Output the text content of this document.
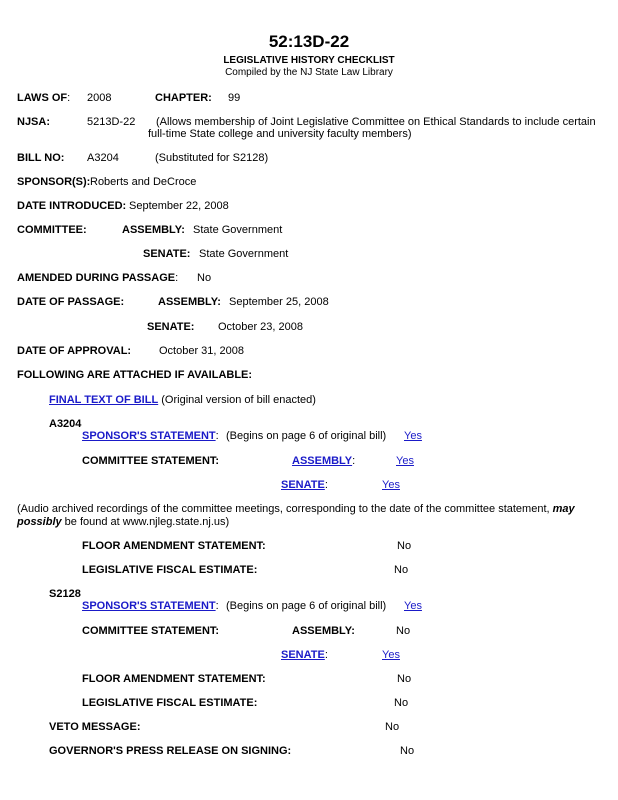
52:13D-22
LEGISLATIVE HISTORY CHECKLIST
Compiled by the NJ State Law Library
LAWS OF: 2008	CHAPTER: 99
NJSA:	5213D-22 (Allows membership of Joint Legislative Committee on Ethical Standards to include certain
full-time State college and university faculty members)
BILL NO: A3204	(Substituted for S2128)
SPONSOR(S): Roberts and DeCroce
DATE INTRODUCED: September 22, 2008
COMMITTEE:	ASSEMBLY: State Government
SENATE: State Government
AMENDED DURING PASSAGE: No
DATE OF PASSAGE:	ASSEMBLY: September 25, 2008
SENATE: October 23, 2008
DATE OF APPROVAL:	October 31, 2008
FOLLOWING ARE ATTACHED IF AVAILABLE:
FINAL TEXT OF BILL (Original version of bill enacted)
A3204
SPONSOR'S STATEMENT: (Begins on page 6 of original bill) Yes
COMMITTEE STATEMENT:	ASSEMBLY:	Yes
SENATE:	Yes
(Audio archived recordings of the committee meetings, corresponding to the date of the committee statement, may possibly be found at www.njleg.state.nj.us)
FLOOR AMENDMENT STATEMENT:	No
LEGISLATIVE FISCAL ESTIMATE:	No
S2128
SPONSOR'S STATEMENT: (Begins on page 6 of original bill) Yes
COMMITTEE STATEMENT:	ASSEMBLY:	No
SENATE:	Yes
FLOOR AMENDMENT STATEMENT:	No
LEGISLATIVE FISCAL ESTIMATE:	No
VETO MESSAGE:	No
GOVERNOR'S PRESS RELEASE ON SIGNING:	No
